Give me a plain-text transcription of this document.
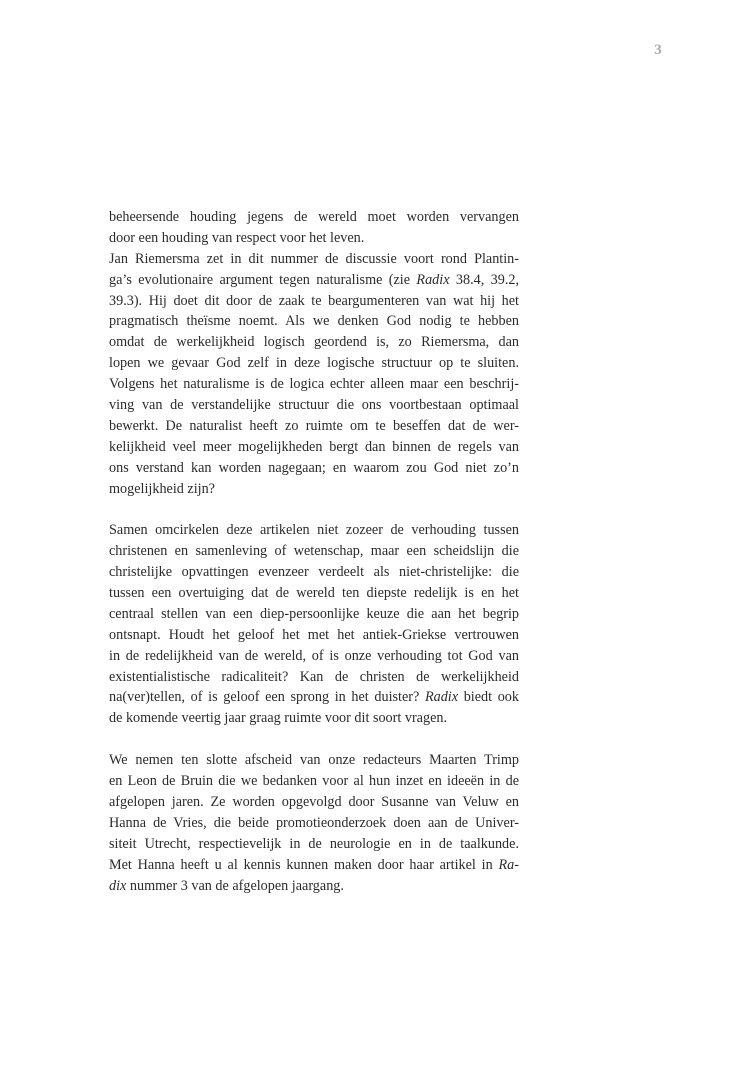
3
beheersende houding jegens de wereld moet worden vervangen
door een houding van respect voor het leven.
Jan Riemersma zet in dit nummer de discussie voort rond Plantin-
ga’s evolutionaire argument tegen naturalisme (zie Radix 38.4, 39.2,
39.3). Hij doet dit door de zaak te beargumenteren van wat hij het
pragmatisch theïsme noemt. Als we denken God nodig te hebben
omdat de werkelijkheid logisch geordend is, zo Riemersma, dan
lopen we gevaar God zelf in deze logische structuur op te sluiten.
Volgens het naturalisme is de logica echter alleen maar een beschrij-
ving van de verstandelijke structuur die ons voortbestaan optimaal
bewerkt. De naturalist heeft zo ruimte om te beseffen dat de wer-
kelijkheid veel meer mogelijkheden bergt dan binnen de regels van
ons verstand kan worden nagegaan; en waarom zou God niet zo’n
mogelijkheid zijn?
Samen omcirkelen deze artikelen niet zozeer de verhouding tussen
christenen en samenleving of wetenschap, maar een scheidslijn die
christelijke opvattingen evenzeer verdeelt als niet-christelijke: die
tussen een overtuiging dat de wereld ten diepste redelijk is en het
centraal stellen van een diep-persoonlijke keuze die aan het begrip
ontsnapt. Houdt het geloof het met het antiek-Griekse vertrouwen
in de redelijkheid van de wereld, of is onze verhouding tot God van
existentialistische radicaliteit? Kan de christen de werkelijkheid
na(ver)tellen, of is geloof een sprong in het duister? Radix biedt ook
de komende veertig jaar graag ruimte voor dit soort vragen.
We nemen ten slotte afscheid van onze redacteurs Maarten Trimp
en Leon de Bruin die we bedanken voor al hun inzet en ideeën in de
afgelopen jaren. Ze worden opgevolgd door Susanne van Veluw en
Hanna de Vries, die beide promotieonderzoek doen aan de Univer-
siteit Utrecht, respectievelijk in de neurologie en in de taalkunde.
Met Hanna heeft u al kennis kunnen maken door haar artikel in Ra-
dix nummer 3 van de afgelopen jaargang.
